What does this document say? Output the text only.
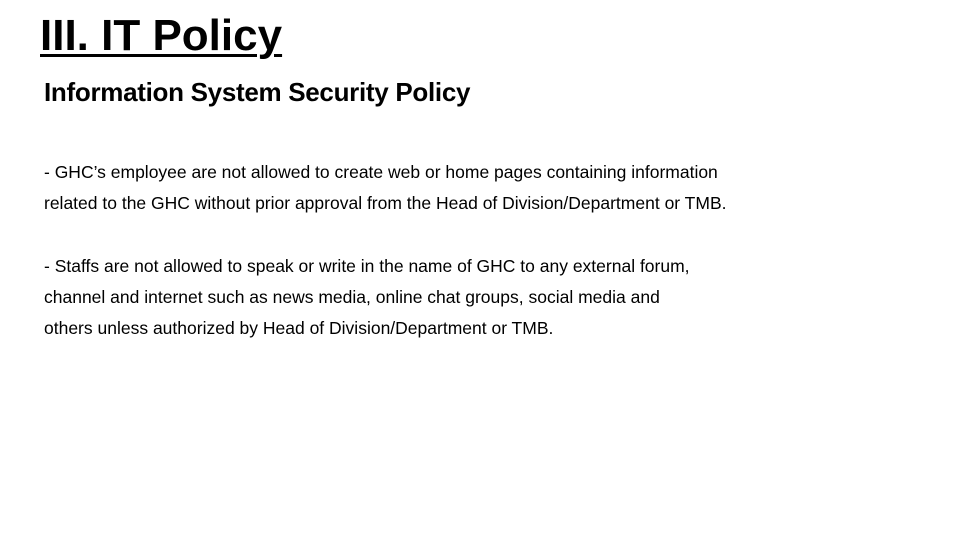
III. IT Policy
Information System Security Policy

- GHC’s employee are not allowed to create web or home pages containing information
related to the GHC without prior approval from the Head of Division/Department or TMB.

- Staffs are not allowed to speak or write in the name of GHC to any external forum,
channel and internet such as news media, online chat groups, social media and
others unless authorized by Head of Division/Department or TMB.
